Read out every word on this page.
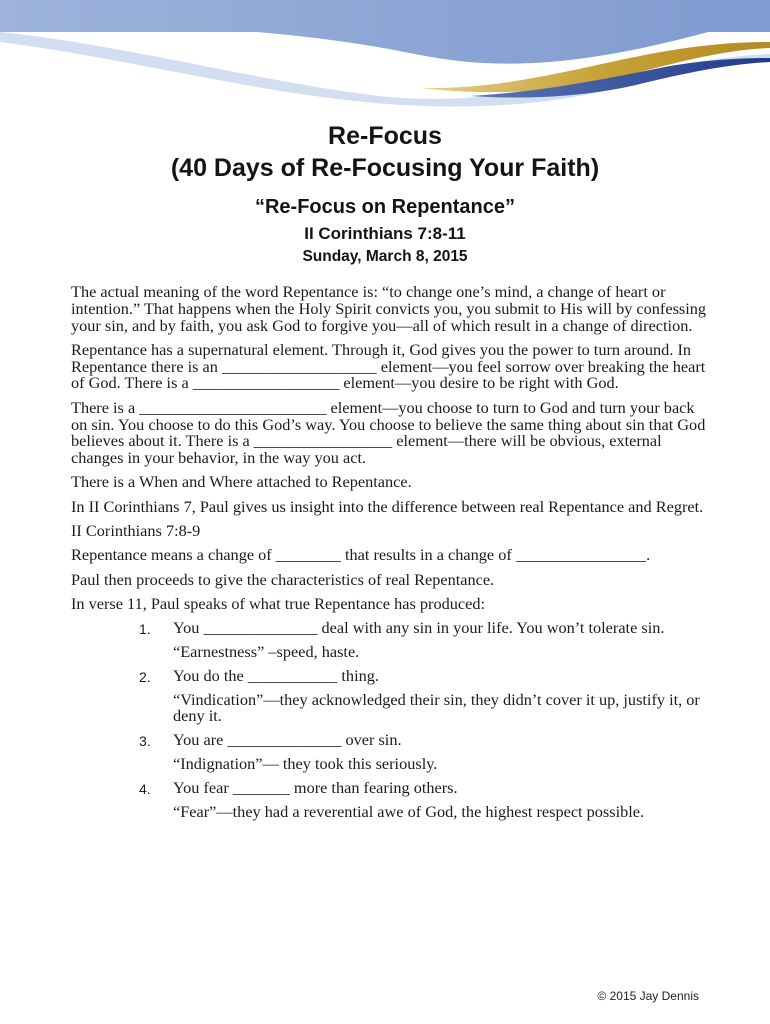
Re-Focus
(40 Days of Re-Focusing Your Faith)
“Re-Focus on Repentance”
II Corinthians 7:8-11
Sunday, March 8, 2015

The actual meaning of the word Repentance is: “to change one’s mind, a change of heart or intention.” That happens when the Holy Spirit convicts you, you submit to His will by confessing your sin, and by faith, you ask God to forgive you—all of which result in a change of direction.

Repentance has a supernatural element. Through it, God gives you the power to turn around. In Repentance there is an ___________________ element—you feel sorrow over breaking the heart of God. There is a __________________ element—you desire to be right with God.

There is a _______________________ element—you choose to turn to God and turn your back on sin. You choose to do this God’s way. You choose to believe the same thing about sin that God believes about it. There is a _________________ element—there will be obvious, external changes in your behavior, in the way you act.

There is a When and Where attached to Repentance.

In II Corinthians 7, Paul gives us insight into the difference between real Repentance and Regret.

II Corinthians 7:8-9

Repentance means a change of ________ that results in a change of ________________.

Paul then proceeds to give the characteristics of real Repentance.

In verse 11, Paul speaks of what true Repentance has produced:

1. You ______________ deal with any sin in your life. You won’t tolerate sin.
“Earnestness” –speed, haste.
2. You do the ___________ thing.
“Vindication”—they acknowledged their sin, they didn’t cover it up, justify it, or deny it.
3. You are ______________ over sin.
“Indignation”— they took this seriously.
4. You fear _______ more than fearing others.
“Fear”—they had a reverential awe of God, the highest respect possible.
© 2015 Jay Dennis
